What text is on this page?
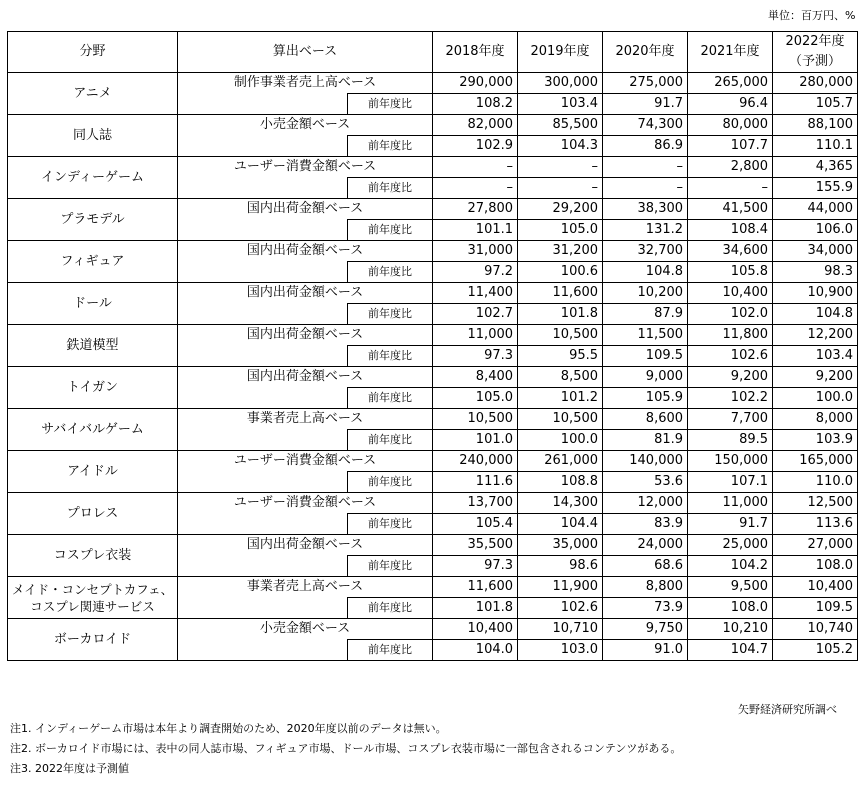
単位：百万円、%
分野	算出ベース		2018年度	2019年度	2020年度	2021年度	2022年度
（予測）
アニメ	制作事業者売上高ベース		290,000	300,000	275,000	265,000	280,000
		前年度比	108.2	103.4	91.7	96.4	105.7
同人誌	小売金額ベース		82,000	85,500	74,300	80,000	88,100
		前年度比	102.9	104.3	86.9	107.7	110.1
インディーゲーム	ユーザー消費金額ベース		–	–	–	2,800	4,365
		前年度比	–	–	–	–	155.9
プラモデル	国内出荷金額ベース		27,800	29,200	38,300	41,500	44,000
		前年度比	101.1	105.0	131.2	108.4	106.0
フィギュア	国内出荷金額ベース		31,000	31,200	32,700	34,600	34,000
		前年度比	97.2	100.6	104.8	105.8	98.3
ドール	国内出荷金額ベース		11,400	11,600	10,200	10,400	10,900
		前年度比	102.7	101.8	87.9	102.0	104.8
鉄道模型	国内出荷金額ベース		11,000	10,500	11,500	11,800	12,200
		前年度比	97.3	95.5	109.5	102.6	103.4
トイガン	国内出荷金額ベース		8,400	8,500	9,000	9,200	9,200
		前年度比	105.0	101.2	105.9	102.2	100.0
サバイバルゲーム	事業者売上高ベース		10,500	10,500	8,600	7,700	8,000
		前年度比	101.0	100.0	81.9	89.5	103.9
アイドル	ユーザー消費金額ベース		240,000	261,000	140,000	150,000	165,000
		前年度比	111.6	108.8	53.6	107.1	110.0
プロレス	ユーザー消費金額ベース		13,700	14,300	12,000	11,000	12,500
		前年度比	105.4	104.4	83.9	91.7	113.6
コスプレ衣装	国内出荷金額ベース		35,500	35,000	24,000	25,000	27,000
		前年度比	97.3	98.6	68.6	104.2	108.0

メイド・コンセプトカフェ、
コスプレ関連サービス	事業者売上高ベース		11,600	11,900	8,800	9,500	10,400
		前年度比	101.8	102.6	73.9	108.0	109.5
ボーカロイド	小売金額ベース		10,400	10,710	9,750	10,210	10,740
		前年度比	104.0	103.0	91.0	104.7	105.2
矢野経済研究所調べ
注1. インディーゲーム市場は本年より調査開始のため、2020年度以前のデータは無い。
注2. ボーカロイド市場には、表中の同人誌市場、フィギュア市場、ドール市場、コスプレ衣装市場に一部包含されるコンテンツがある。
注3. 2022年度は予測値
